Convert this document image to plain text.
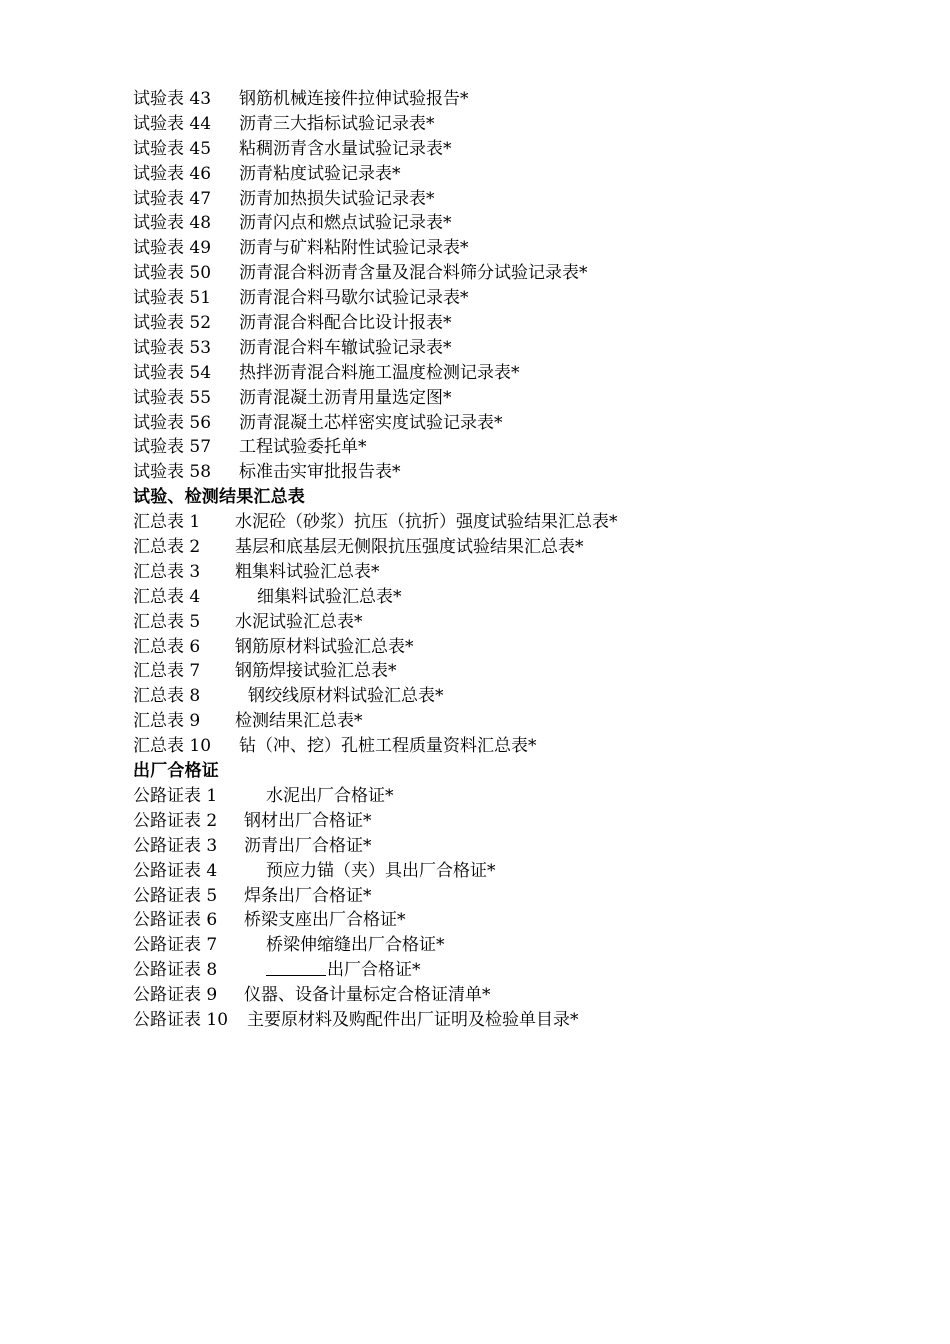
试验表 43 钢筋机械连接件拉伸试验报告*
试验表 44 沥青三大指标试验记录表*
试验表 45 粘稠沥青含水量试验记录表*
试验表 46 沥青粘度试验记录表*
试验表 47 沥青加热损失试验记录表*
试验表 48 沥青闪点和燃点试验记录表*
试验表 49 沥青与矿料粘附性试验记录表*
试验表 50 沥青混合料沥青含量及混合料筛分试验记录表*
试验表 51 沥青混合料马歇尔试验记录表*
试验表 52 沥青混合料配合比设计报表*
试验表 53 沥青混合料车辙试验记录表*
试验表 54 热拌沥青混合料施工温度检测记录表*
试验表 55 沥青混凝土沥青用量选定图*
试验表 56 沥青混凝土芯样密实度试验记录表*
试验表 57 工程试验委托单*
试验表 58 标准击实审批报告表*
试验、检测结果汇总表
汇总表 1 水泥砼（砂浆）抗压（抗折）强度试验结果汇总表*
汇总表 2 基层和底基层无侧限抗压强度试验结果汇总表*
汇总表 3 粗集料试验汇总表*
汇总表 4	细集料试验汇总表*
汇总表 5 水泥试验汇总表*
汇总表 6 钢筋原材料试验汇总表*
汇总表 7 钢筋焊接试验汇总表*
汇总表 8	钢绞线原材料试验汇总表*
汇总表 9 检测结果汇总表*
汇总表 10 钻（冲、挖）孔桩工程质量资料汇总表*
出厂合格证
公路证表 1	水泥出厂合格证*
公路证表 2 钢材出厂合格证*
公路证表 3 沥青出厂合格证*
公路证表 4	预应力锚（夹）具出厂合格证*
公路证表 5 焊条出厂合格证*
公路证表 6 桥梁支座出厂合格证*
公路证表 7	桥梁伸缩缝出厂合格证*
公路证表 8	出厂合格证*
公路证表 9 仪器、设备计量标定合格证清单*
公路证表 10 主要原材料及购配件出厂证明及检验单目录*
